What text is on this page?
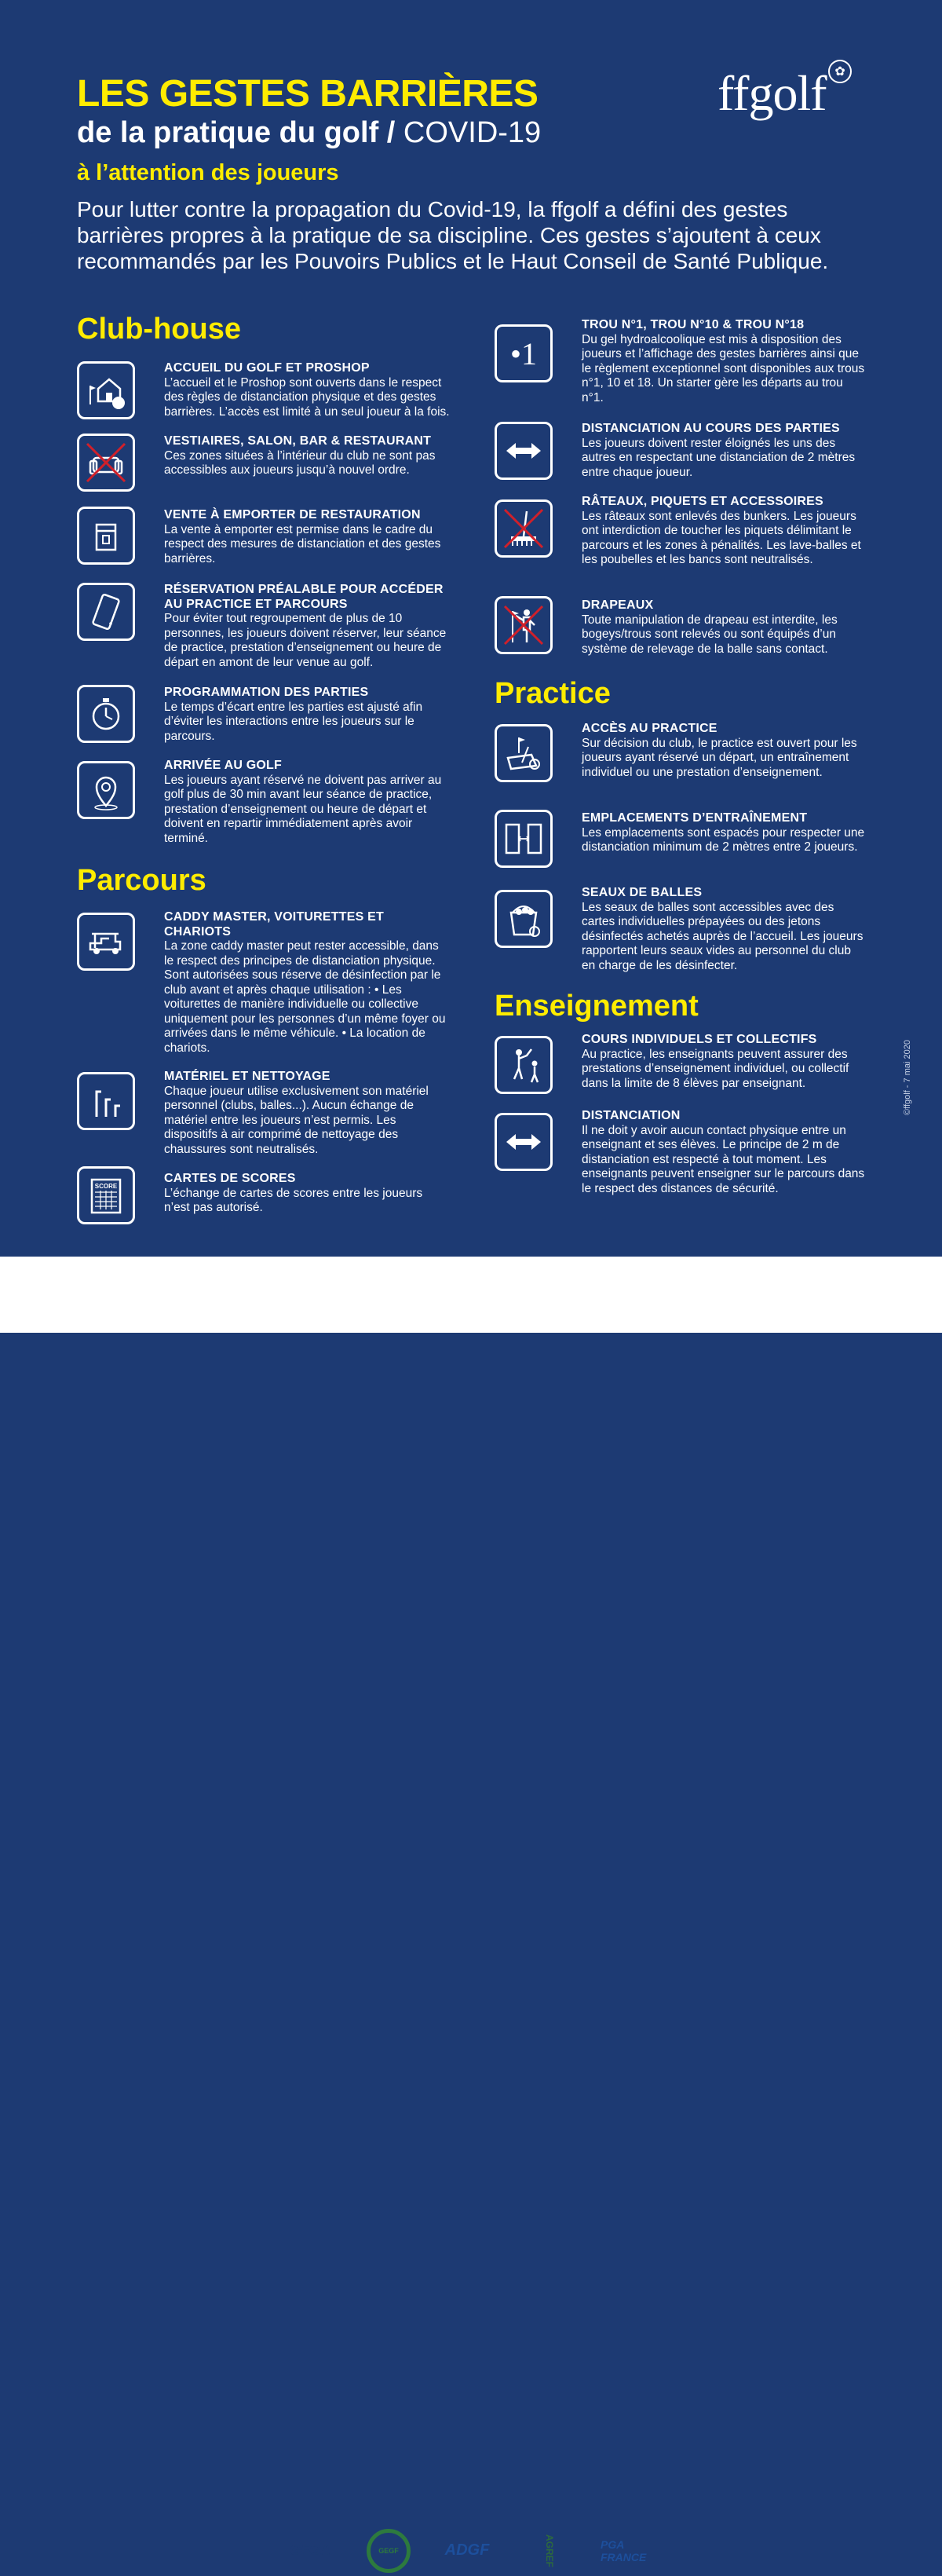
LES GESTES BARRIÈRES
de la pratique du golf / COVID-19
à l’attention des joueurs
ffgolf ✿
Pour lutter contre la propagation du Covid-19, la ffgolf a défini des gestes barrières propres à la pratique de sa discipline. Ces gestes s’ajoutent à ceux recommandés par les Pouvoirs Publics et le Haut Conseil de Santé Publique.
Club-house
ACCUEIL DU GOLF ET PROSHOP
L’accueil et le Proshop sont ouverts dans le respect des règles de distanciation physique et des gestes barrières. L’accès est limité à un seul joueur à la fois.
VESTIAIRES, SALON, BAR & RESTAURANT
Ces zones situées à l’intérieur du club ne sont pas accessibles aux joueurs jusqu’à nouvel ordre.
VENTE À EMPORTER DE RESTAURATION
La vente à emporter est permise dans le cadre du respect des mesures de distanciation et des gestes barrières.
RÉSERVATION PRÉALABLE POUR ACCÉDER AU PRACTICE ET PARCOURS
Pour éviter tout regroupement de plus de 10 personnes, les joueurs doivent réserver, leur séance de practice, prestation d’enseignement ou heure de départ en amont de leur venue au golf.
PROGRAMMATION DES PARTIES
Le temps d’écart entre les parties est ajusté afin d’éviter les interactions entre les joueurs sur le parcours.
ARRIVÉE AU GOLF
Les joueurs ayant réservé ne doivent pas arriver au golf plus de 30 min avant leur séance de practice, prestation d’enseignement ou heure de départ et doivent en repartir immédiatement après avoir terminé.
Parcours
CADDY MASTER, VOITURETTES ET CHARIOTS
La zone caddy master peut rester accessible, dans le respect des principes de distanciation physique. Sont autorisées sous réserve de désinfection par le club avant et après chaque utilisation : • Les voiturettes de manière individuelle ou collective uniquement pour les personnes d’un même foyer ou arrivées dans le même véhicule. • La location de chariots.
MATÉRIEL ET NETTOYAGE
Chaque joueur utilise exclusivement son matériel personnel (clubs, balles...). Aucun échange de matériel entre les joueurs n’est permis. Les dispositifs à air comprimé de nettoyage des chaussures sont neutralisés.
SCORE
CARTES DE SCORES
L’échange de cartes de scores entre les joueurs n’est pas autorisé.
•1
TROU N°1, TROU N°10 & TROU N°18
Du gel hydroalcoolique est mis à disposition des joueurs et l’affichage des gestes barrières ainsi que le règlement exceptionnel sont disponibles aux trous n°1, 10 et 18. Un starter gère les départs au trou n°1.
DISTANCIATION AU COURS DES PARTIES
Les joueurs doivent rester éloignés les uns des autres en respectant une distanciation de 2 mètres entre chaque joueur.
RÂTEAUX, PIQUETS ET ACCESSOIRES
Les râteaux sont enlevés des bunkers. Les joueurs ont interdiction de toucher les piquets délimitant le parcours et les zones à pénalités. Les lave-balles et les poubelles et les bancs sont neutralisés.
DRAPEAUX
Toute manipulation de drapeau est interdite, les bogeys/trous sont relevés ou sont équipés d’un système de relevage de la balle sans contact.
Practice
ACCÈS AU PRACTICE
Sur décision du club, le practice est ouvert pour les joueurs ayant réservé un départ, un entraînement individuel ou une prestation d’enseignement.
EMPLACEMENTS D’ENTRAÎNEMENT
Les emplacements sont espacés pour respecter une distanciation minimum de 2 mètres entre 2 joueurs.
SEAUX DE BALLES
Les seaux de balles sont accessibles avec des cartes individuelles prépayées ou des jetons désinfectés achetés auprès de l’accueil. Les joueurs rapportent leurs seaux vides au personnel du club en charge de les désinfecter.
Enseignement
COURS INDIVIDUELS ET COLLECTIFS
Au practice, les enseignants peuvent assurer des prestations d’enseignement individuel, ou collectif dans la limite de 8 élèves par enseignant.
DISTANCIATION
Il ne doit y avoir aucun contact physique entre un enseignant et ses élèves. Le principe de 2 m de distanciation est respecté à tout moment. Les enseignants peuvent enseigner sur le parcours dans le respect des distances de sécurité.
©ffgolf - 7 mai 2020
GFGA	GEGF	ADGF	AGREF	PGA FRANCE
